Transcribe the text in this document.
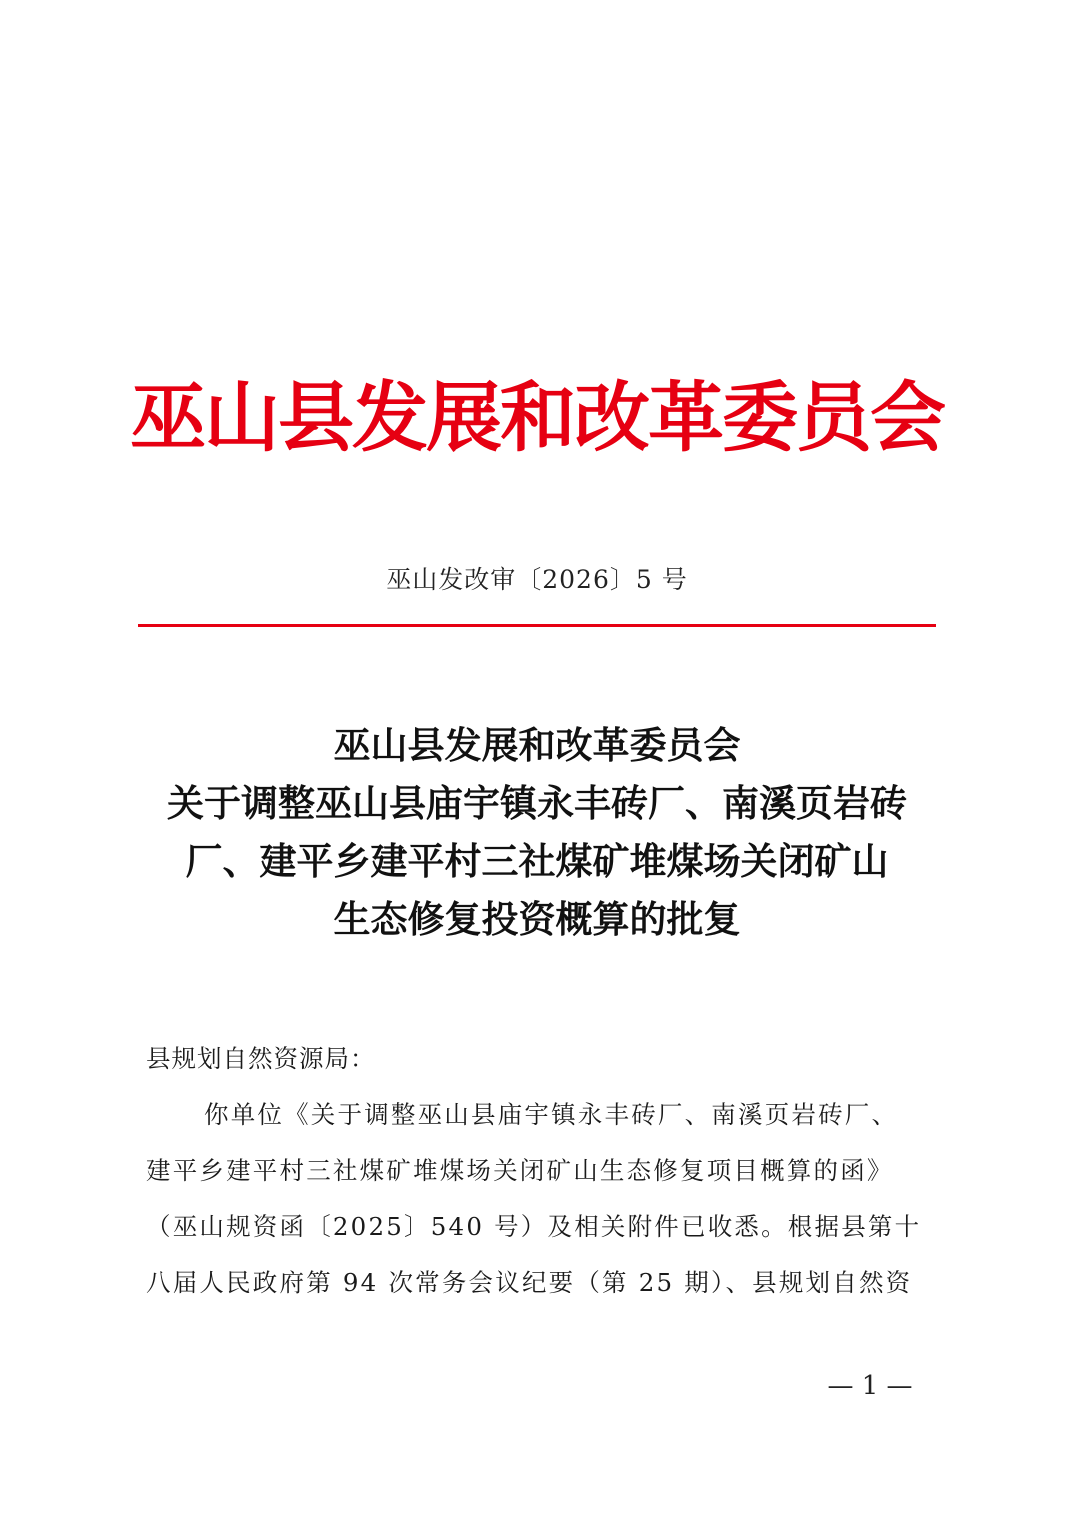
巫山县发展和改革委员会
巫山发改审〔2026〕5 号
巫山县发展和改革委员会
关于调整巫山县庙宇镇永丰砖厂、南溪页岩砖
厂、建平乡建平村三社煤矿堆煤场关闭矿山
生态修复投资概算的批复
县规划自然资源局：
你单位《关于调整巫山县庙宇镇永丰砖厂、南溪页岩砖厂、
建平乡建平村三社煤矿堆煤场关闭矿山生态修复项目概算的函》
（巫山规资函〔2025〕540 号）及相关附件已收悉。根据县第十
八届人民政府第 94 次常务会议纪要（第 25 期）、县规划自然资
— 1 —
